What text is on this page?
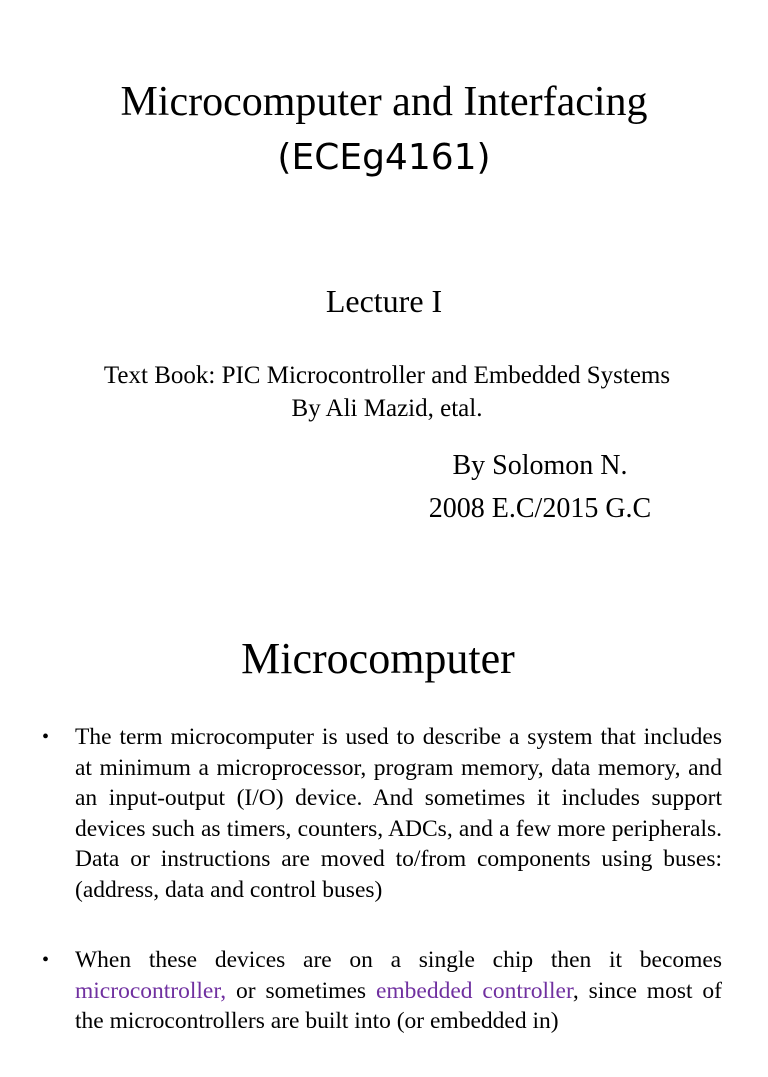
Microcomputer and Interfacing
(ECEg4161)
Lecture I
Text Book: PIC Microcontroller and Embedded Systems
By Ali Mazid, etal.
By Solomon N.
2008 E.C/2015 G.C
Microcomputer
• The term microcomputer is used to describe a system that includes at minimum a microprocessor, program memory, data memory, and an input-output (I/O) device. And sometimes it includes support devices such as timers, counters, ADCs, and a few more peripherals. Data or instructions are moved to/from components using buses: (address, data and control buses)
• When these devices are on a single chip then it becomes microcontroller, or sometimes embedded controller, since most of the microcontrollers are built into (or embedded in)
